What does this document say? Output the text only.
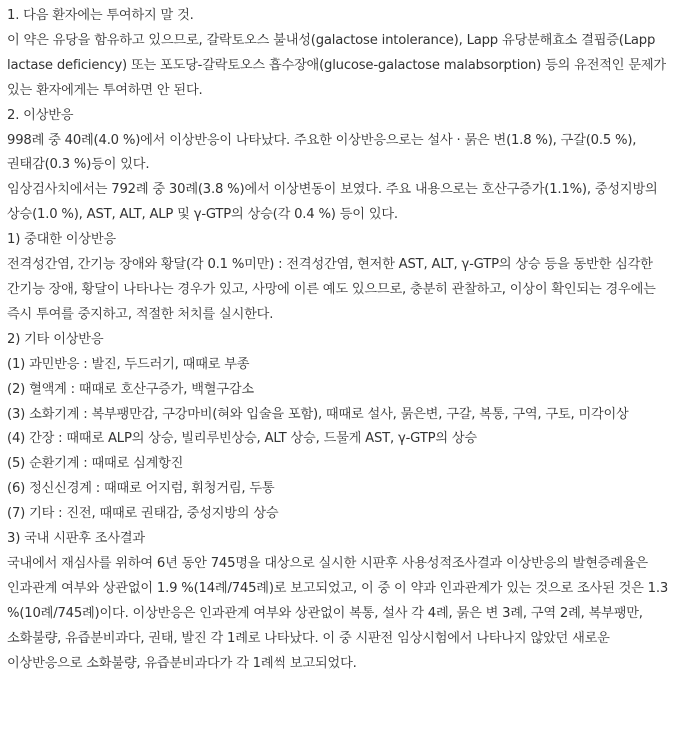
1. 다음 환자에는 투여하지 말 것.

이 약은 유당을 함유하고 있으므로, 갈락토오스 불내성(galactose intolerance), Lapp 유당분해효소 결핍증(Lapp lactase deficiency) 또는 포도당-갈락토오스 흡수장애(glucose-galactose malabsorption) 등의 유전적인 문제가 있는 환자에게는 투여하면 안 된다.

2. 이상반응

998례 중 40례(4.0 %)에서 이상반응이 나타났다. 주요한 이상반응으로는 설사 · 묽은 변(1.8 %), 구갈(0.5 %), 권태감(0.3 %)등이 있다.

임상검사치에서는 792례 중 30례(3.8 %)에서 이상변동이 보였다. 주요 내용으로는 호산구증가(1.1%), 중성지방의 상승(1.0 %), AST, ALT, ALP 및 γ-GTP의 상승(각 0.4 %) 등이 있다.

1) 중대한 이상반응

전격성간염, 간기능 장애와 황달(각 0.1 %미만) : 전격성간염, 현저한 AST, ALT, γ-GTP의 상승 등을 동반한 심각한 간기능 장애, 황달이 나타나는 경우가 있고, 사망에 이른 예도 있으므로, 충분히 관찰하고, 이상이 확인되는 경우에는 즉시 투여를 중지하고, 적절한 처치를 실시한다.

2) 기타 이상반응

(1) 과민반응 : 발진, 두드러기, 때때로 부종

(2) 혈액계 : 때때로 호산구증가, 백혈구감소

(3) 소화기계 : 복부팽만감, 구강마비(혀와 입술을 포함), 때때로 설사, 묽은변, 구갈, 복통, 구역, 구토, 미각이상

(4) 간장 : 때때로 ALP의 상승, 빌리루빈상승, ALT 상승, 드물게 AST, γ-GTP의 상승

(5) 순환기계 : 때때로 심계항진

(6) 정신신경계 : 때때로 어지럼, 휘청거림, 두통

(7) 기타 : 진전, 때때로 권태감, 중성지방의 상승

3) 국내 시판후 조사결과

국내에서 재심사를 위하여 6년 동안 745명을 대상으로 실시한 시판후 사용성적조사결과 이상반응의 발현증례율은 인과관계 여부와 상관없이 1.9 %(14례/745례)로 보고되었고, 이 중 이 약과 인과관계가 있는 것으로 조사된 것은 1.3 %(10례/745례)이다. 이상반응은 인과관계 여부와 상관없이 복통, 설사 각 4례, 묽은 변 3례, 구역 2례, 복부팽만, 소화불량, 유즙분비과다, 권태, 발진 각 1례로 나타났다. 이 중 시판전 임상시험에서 나타나지 않았던 새로운 이상반응으로 소화불량, 유즙분비과다가 각 1례씩 보고되었다.
